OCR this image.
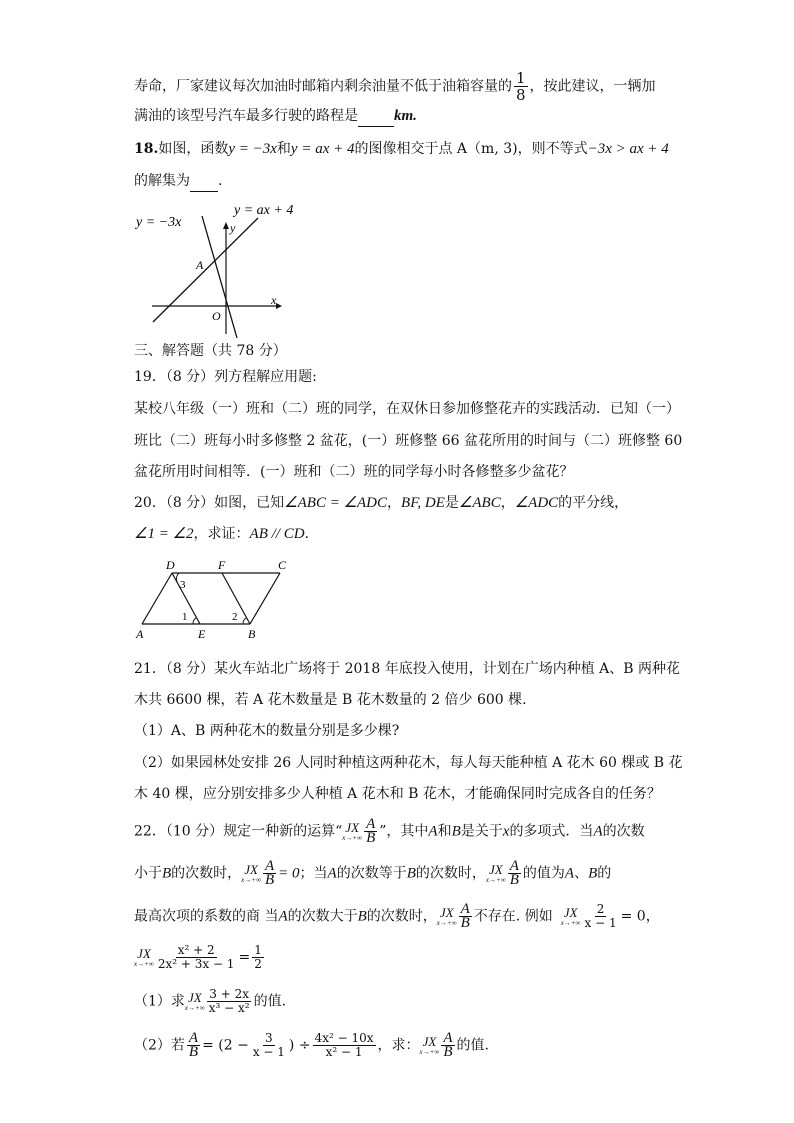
寿命，厂家建议每次加油时邮箱内剩余油量不低于油箱容量的 $\frac{1}{8}$ ，按此建议，一辆加
满油的该型号汽车最多行驶的路程是 km.
18.如图，函数y = −3x和y = ax + 4的图像相交于点 A（m, 3)，则不等式−3x > ax + 4
的解集为 .
y = −3x
y = ax + 4
y
x
O
A
三、解答题（共 78 分）
19．（8 分）列方程解应用题:
某校八年级（一）班和（二）班的同学，在双休日参加修整花卉的实践活动．已知（一）
班比（二）班每小时多修整 2 盆花，(一）班修整 66 盆花所用的时间与（二）班修整 60
盆花所用时间相等．(一）班和（二）班的同学每小时各修整多少盆花？
20．（8 分）如图，已知∠ABC = ∠ADC，BF, DE是∠ABC，∠ADC的平分线，
∠1 = ∠2，求证：AB // CD.
A	E	B
D	F	C
3
1	2
21．（8 分）某火车站北广场将于 2018 年底投入使用，计划在广场内种植 A、B 两种花
木共 6600 棵，若 A 花木数量是 B 花木数量的 2 倍少 600 棵.
（1）A、B 两种花木的数量分别是多少棵?
（2）如果园林处安排 26 人同时种植这两种花木，每人每天能种植 A 花木 60 棵或 B 花
木 40 棵，应分别安排多少人种植 A 花木和 B 花木，才能确保同时完成各自的任务？
22．（10 分）规定一种新的运算“ JX
$x\to+\infty \frac{A}{B}$ ”，其中A和B是关于x的多项式．当A的次数
小于B的次数时， JX
$x\to+\infty \frac{A}{B} = 0$；当A的次数等于B的次数时， JX
$x\to+\infty \frac{A}{B}$ 的值为A、B的
最高次项的系数的商 当A的次数大于B的次数时， JX
$x\to+\infty \frac{A}{B}$ 不存在. 例如 JX
$x\to+\infty \frac{2}{x - 1} = 0$，
JX
$x\to+\infty \frac{\text{x² + 2}}{\text{2x² + 3x − 1}} = \frac{1}{2}$
（1）求 JX
$x\to+\infty \frac{3 + 2x}{\text{x³ − x²}}$ 的值.
（2）若 $\frac{A}{B} = (2 - \frac{3}{x - 1}$ ) ÷ $\frac{\text{4x² − 10x}}{\text{x² − 1}}$ ，求： JX
$x\to+\infty \frac{A}{B}$ 的值.
